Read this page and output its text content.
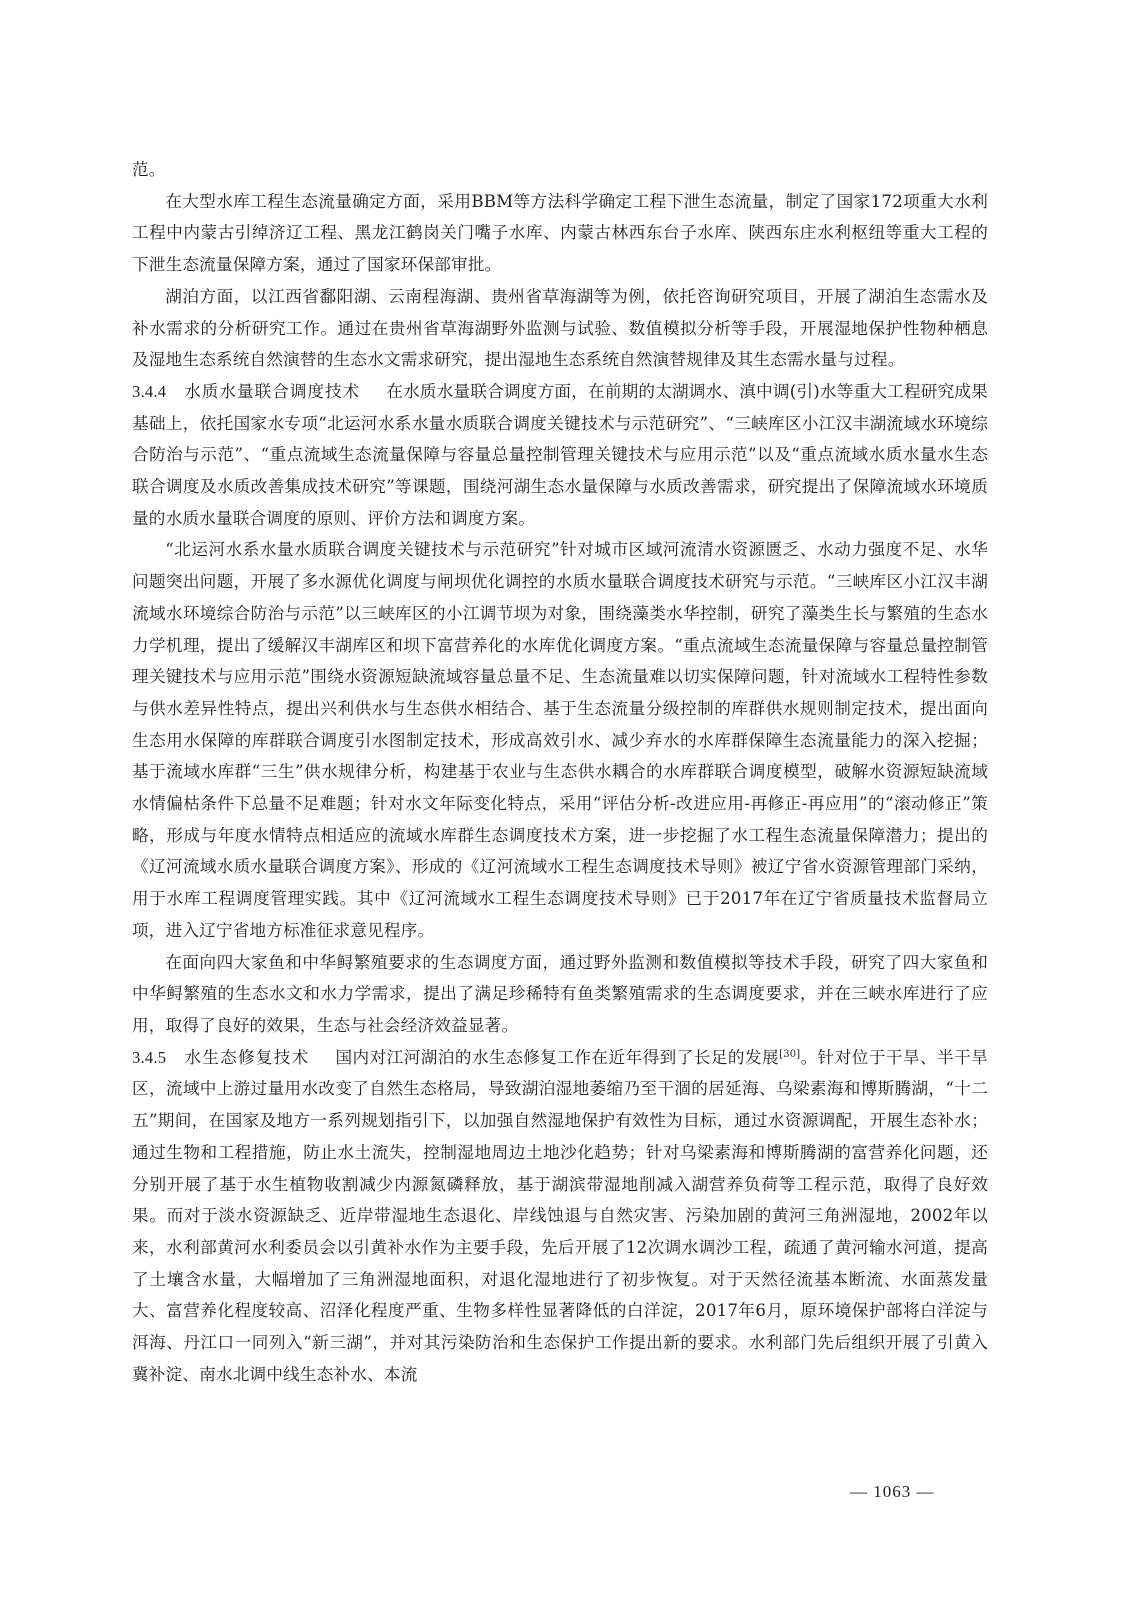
范。

在大型水库工程生态流量确定方面，采用BBM等方法科学确定工程下泄生态流量，制定了国家172项重大水利工程中内蒙古引绰济辽工程、黑龙江鹤岗关门嘴子水库、内蒙古林西东台子水库、陕西东庄水利枢纽等重大工程的下泄生态流量保障方案，通过了国家环保部审批。

湖泊方面，以江西省鄱阳湖、云南程海湖、贵州省草海湖等为例，依托咨询研究项目，开展了湖泊生态需水及补水需求的分析研究工作。通过在贵州省草海湖野外监测与试验、数值模拟分析等手段，开展湿地保护性物种栖息及湿地生态系统自然演替的生态水文需求研究，提出湿地生态系统自然演替规律及其生态需水量与过程。

3.4.4 水质水量联合调度技术 在水质水量联合调度方面，在前期的太湖调水、滇中调(引)水等重大工程研究成果基础上，依托国家水专项“北运河水系水量水质联合调度关键技术与示范研究”、“三峡库区小江汉丰湖流域水环境综合防治与示范”、“重点流域生态流量保障与容量总量控制管理关键技术与应用示范”以及“重点流域水质水量水生态联合调度及水质改善集成技术研究”等课题，围绕河湖生态水量保障与水质改善需求，研究提出了保障流域水环境质量的水质水量联合调度的原则、评价方法和调度方案。

“北运河水系水量水质联合调度关键技术与示范研究”针对城市区域河流清水资源匮乏、水动力强度不足、水华问题突出问题，开展了多水源优化调度与闸坝优化调控的水质水量联合调度技术研究与示范。“三峡库区小江汉丰湖流域水环境综合防治与示范”以三峡库区的小江调节坝为对象，围绕藻类水华控制，研究了藻类生长与繁殖的生态水力学机理，提出了缓解汉丰湖库区和坝下富营养化的水库优化调度方案。“重点流域生态流量保障与容量总量控制管理关键技术与应用示范”围绕水资源短缺流域容量总量不足、生态流量难以切实保障问题，针对流域水工程特性参数与供水差异性特点，提出兴利供水与生态供水相结合、基于生态流量分级控制的库群供水规则制定技术，提出面向生态用水保障的库群联合调度引水图制定技术，形成高效引水、减少弃水的水库群保障生态流量能力的深入挖掘；基于流域水库群“三生”供水规律分析，构建基于农业与生态供水耦合的水库群联合调度模型，破解水资源短缺流域水情偏枯条件下总量不足难题；针对水文年际变化特点，采用“评估分析-改进应用-再修正-再应用”的“滚动修正”策略，形成与年度水情特点相适应的流域水库群生态调度技术方案，进一步挖掘了水工程生态流量保障潜力；提出的《辽河流域水质水量联合调度方案》、形成的《辽河流域水工程生态调度技术导则》被辽宁省水资源管理部门采纳，用于水库工程调度管理实践。其中《辽河流域水工程生态调度技术导则》已于2017年在辽宁省质量技术监督局立项，进入辽宁省地方标准征求意见程序。

在面向四大家鱼和中华鲟繁殖要求的生态调度方面，通过野外监测和数值模拟等技术手段，研究了四大家鱼和中华鲟繁殖的生态水文和水力学需求，提出了满足珍稀特有鱼类繁殖需求的生态调度要求，并在三峡水库进行了应用，取得了良好的效果，生态与社会经济效益显著。

3.4.5 水生态修复技术 国内对江河湖泊的水生态修复工作在近年得到了长足的发展[30]。针对位于干旱、半干旱区，流域中上游过量用水改变了自然生态格局，导致湖泊湿地萎缩乃至干涸的居延海、乌梁素海和博斯腾湖，“十二五”期间，在国家及地方一系列规划指引下，以加强自然湿地保护有效性为目标，通过水资源调配，开展生态补水；通过生物和工程措施，防止水土流失，控制湿地周边土地沙化趋势；针对乌梁素海和博斯腾湖的富营养化问题，还分别开展了基于水生植物收割减少内源氮磷释放，基于湖滨带湿地削减入湖营养负荷等工程示范，取得了良好效果。而对于淡水资源缺乏、近岸带湿地生态退化、岸线蚀退与自然灾害、污染加剧的黄河三角洲湿地，2002年以来，水利部黄河水利委员会以引黄补水作为主要手段，先后开展了12次调水调沙工程，疏通了黄河输水河道，提高了土壤含水量，大幅增加了三角洲湿地面积，对退化湿地进行了初步恢复。对于天然径流基本断流、水面蒸发量大、富营养化程度较高、沼泽化程度严重、生物多样性显著降低的白洋淀，2017年6月，原环境保护部将白洋淀与洱海、丹江口一同列入“新三湖”，并对其污染防治和生态保护工作提出新的要求。水利部门先后组织开展了引黄入冀补淀、南水北调中线生态补水、本流

— 1063 —
